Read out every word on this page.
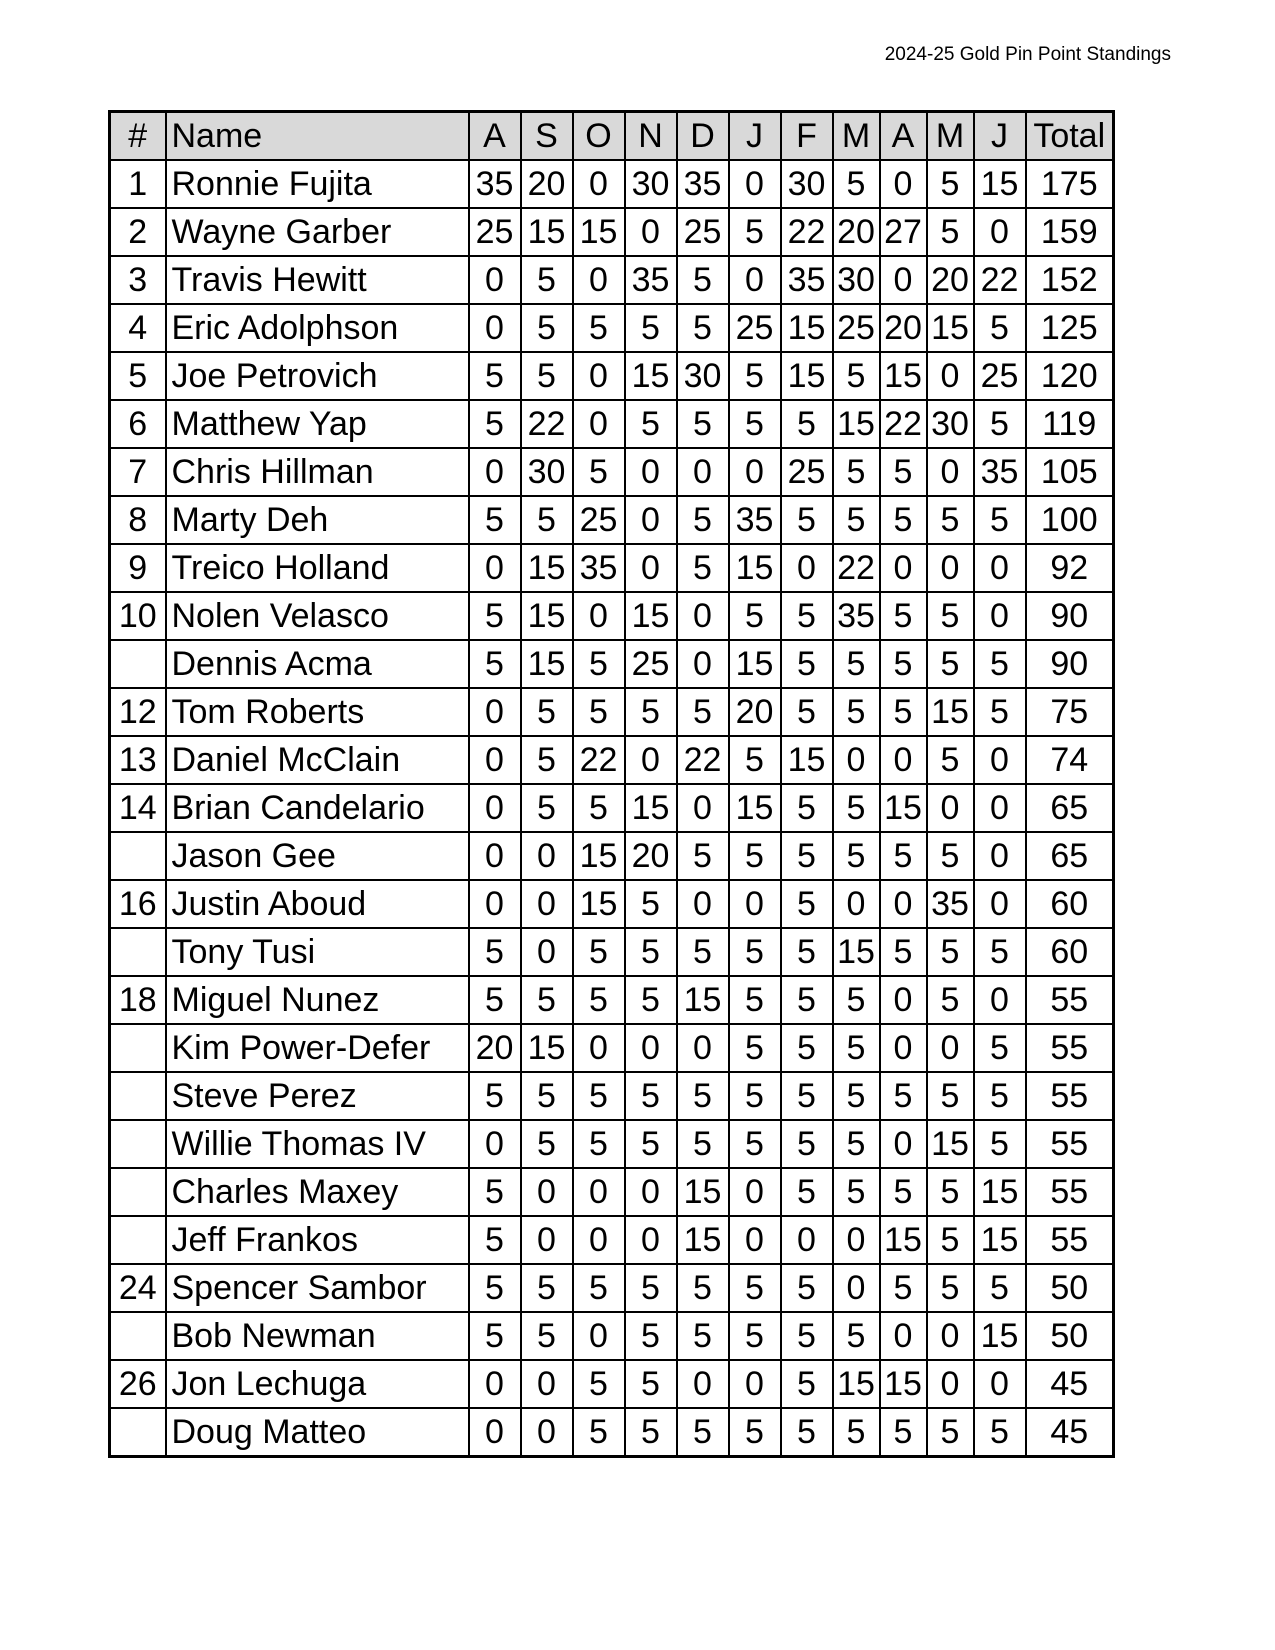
2024-25 Gold Pin Point Standings
#	Name	A	S	O	N	D	J	F	M	A	M	J	Total
1	Ronnie Fujita	35	20	0	30	35	0	30	5	0	5	15	175
2	Wayne Garber	25	15	15	0	25	5	22	20	27	5	0	159
3	Travis Hewitt	0	5	0	35	5	0	35	30	0	20	22	152
4	Eric Adolphson	0	5	5	5	5	25	15	25	20	15	5	125
5	Joe Petrovich	5	5	0	15	30	5	15	5	15	0	25	120
6	Matthew Yap	5	22	0	5	5	5	5	15	22	30	5	119
7	Chris Hillman	0	30	5	0	0	0	25	5	5	0	35	105
8	Marty Deh	5	5	25	0	5	35	5	5	5	5	5	100
9	Treico Holland	0	15	35	0	5	15	0	22	0	0	0	92
10	Nolen Velasco	5	15	0	15	0	5	5	35	5	5	0	90
	Dennis Acma	5	15	5	25	0	15	5	5	5	5	5	90
12	Tom Roberts	0	5	5	5	5	20	5	5	5	15	5	75
13	Daniel McClain	0	5	22	0	22	5	15	0	0	5	0	74
14	Brian Candelario	0	5	5	15	0	15	5	5	15	0	0	65
	Jason Gee	0	0	15	20	5	5	5	5	5	5	0	65
16	Justin Aboud	0	0	15	5	0	0	5	0	0	35	0	60
	Tony Tusi	5	0	5	5	5	5	5	15	5	5	5	60
18	Miguel Nunez	5	5	5	5	15	5	5	5	0	5	0	55
	Kim Power-Defer	20	15	0	0	0	5	5	5	0	0	5	55
	Steve Perez	5	5	5	5	5	5	5	5	5	5	5	55
	Willie Thomas IV	0	5	5	5	5	5	5	5	0	15	5	55
	Charles Maxey	5	0	0	0	15	0	5	5	5	5	15	55
	Jeff Frankos	5	0	0	0	15	0	0	0	15	5	15	55
24	Spencer Sambor	5	5	5	5	5	5	5	0	5	5	5	50
	Bob Newman	5	5	0	5	5	5	5	5	0	0	15	50
26	Jon Lechuga	0	0	5	5	0	0	5	15	15	0	0	45
	Doug Matteo	0	0	5	5	5	5	5	5	5	5	5	45
